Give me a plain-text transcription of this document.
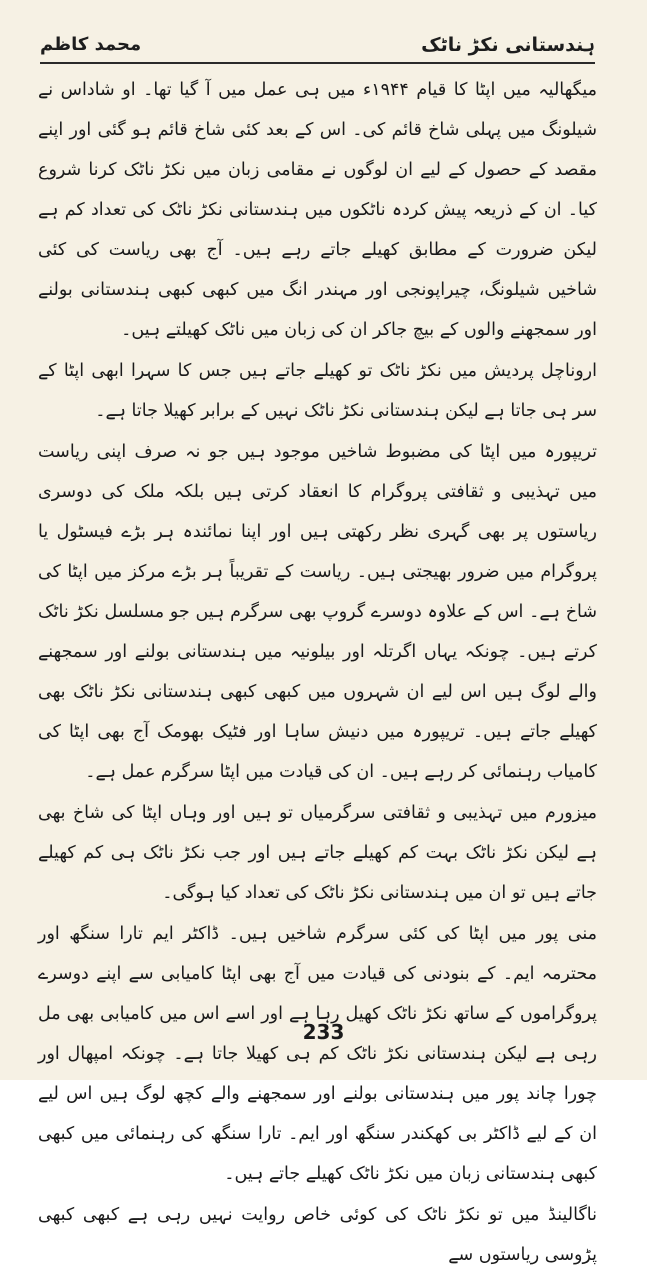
ہندستانی نکڑ ناٹک
محمد کاظم

میگھالیہ میں اپٹا کا قیام ۱۹۴۴ء میں ہی عمل میں آ گیا تھا۔ او شاداس نے شیلونگ میں پہلی شاخ قائم کی۔ اس کے بعد کئی شاخ قائم ہو گئی اور اپنے مقصد کے حصول کے لیے ان لوگوں نے مقامی زبان میں نکڑ ناٹک کرنا شروع کیا۔ ان کے ذریعہ پیش کردہ ناٹکوں میں ہندستانی نکڑ ناٹک کی تعداد کم ہے لیکن ضرورت کے مطابق کھیلے جاتے رہے ہیں۔ آج بھی ریاست کی کئی شاخیں شیلونگ، چیراپونجی اور مہندر انگ میں کبھی کبھی ہندستانی بولنے اور سمجھنے والوں کے بیچ جاکر ان کی زبان میں ناٹک کھیلتے ہیں۔

اروناچل پردیش میں نکڑ ناٹک تو کھیلے جاتے ہیں جس کا سہرا ابھی اپٹا کے سر ہی جاتا ہے لیکن ہندستانی نکڑ ناٹک نہیں کے برابر کھیلا جاتا ہے۔

تریپورہ میں اپٹا کی مضبوط شاخیں موجود ہیں جو نہ صرف اپنی ریاست میں تہذیبی و ثقافتی پروگرام کا انعقاد کرتی ہیں بلکہ ملک کی دوسری ریاستوں پر بھی گہری نظر رکھتی ہیں اور اپنا نمائندہ ہر بڑے فیسٹول یا پروگرام میں ضرور بھیجتی ہیں۔ ریاست کے تقریباً ہر بڑے مرکز میں اپٹا کی شاخ ہے۔ اس کے علاوہ دوسرے گروپ بھی سرگرم ہیں جو مسلسل نکڑ ناٹک کرتے ہیں۔ چونکہ یہاں اگرتلہ اور بیلونیہ میں ہندستانی بولنے اور سمجھنے والے لوگ ہیں اس لیے ان شہروں میں کبھی کبھی ہندستانی نکڑ ناٹک بھی کھیلے جاتے ہیں۔ تریپورہ میں دنیش ساہا اور فٹیک بھومک آج بھی اپٹا کی کامیاب رہنمائی کر رہے ہیں۔ ان کی قیادت میں اپٹا سرگرم عمل ہے۔

میزورم میں تہذیبی و ثقافتی سرگرمیاں تو ہیں اور وہاں اپٹا کی شاخ بھی ہے لیکن نکڑ ناٹک بہت کم کھیلے جاتے ہیں اور جب نکڑ ناٹک ہی کم کھیلے جاتے ہیں تو ان میں ہندستانی نکڑ ناٹک کی تعداد کیا ہوگی۔

منی پور میں اپٹا کی کئی سرگرم شاخیں ہیں۔ ڈاکٹر ایم تارا سنگھ اور محترمہ ایم۔ کے بنودنی کی قیادت میں آج بھی اپٹا کامیابی سے اپنے دوسرے پروگراموں کے ساتھ نکڑ ناٹک کھیل رہا ہے اور اسے اس میں کامیابی بھی مل رہی ہے لیکن ہندستانی نکڑ ناٹک کم ہی کھیلا جاتا ہے۔ چونکہ امپھال اور چورا چاند پور میں ہندستانی بولنے اور سمجھنے والے کچھ لوگ ہیں اس لیے ان کے لیے ڈاکٹر بی کھکندر سنگھ اور ایم۔ تارا سنگھ کی رہنمائی میں کبھی کبھی ہندستانی زبان میں نکڑ ناٹک کھیلے جاتے ہیں۔

ناگالینڈ میں تو نکڑ ناٹک کی کوئی خاص روایت نہیں رہی ہے کبھی کبھی پڑوسی ریاستوں سے

233
